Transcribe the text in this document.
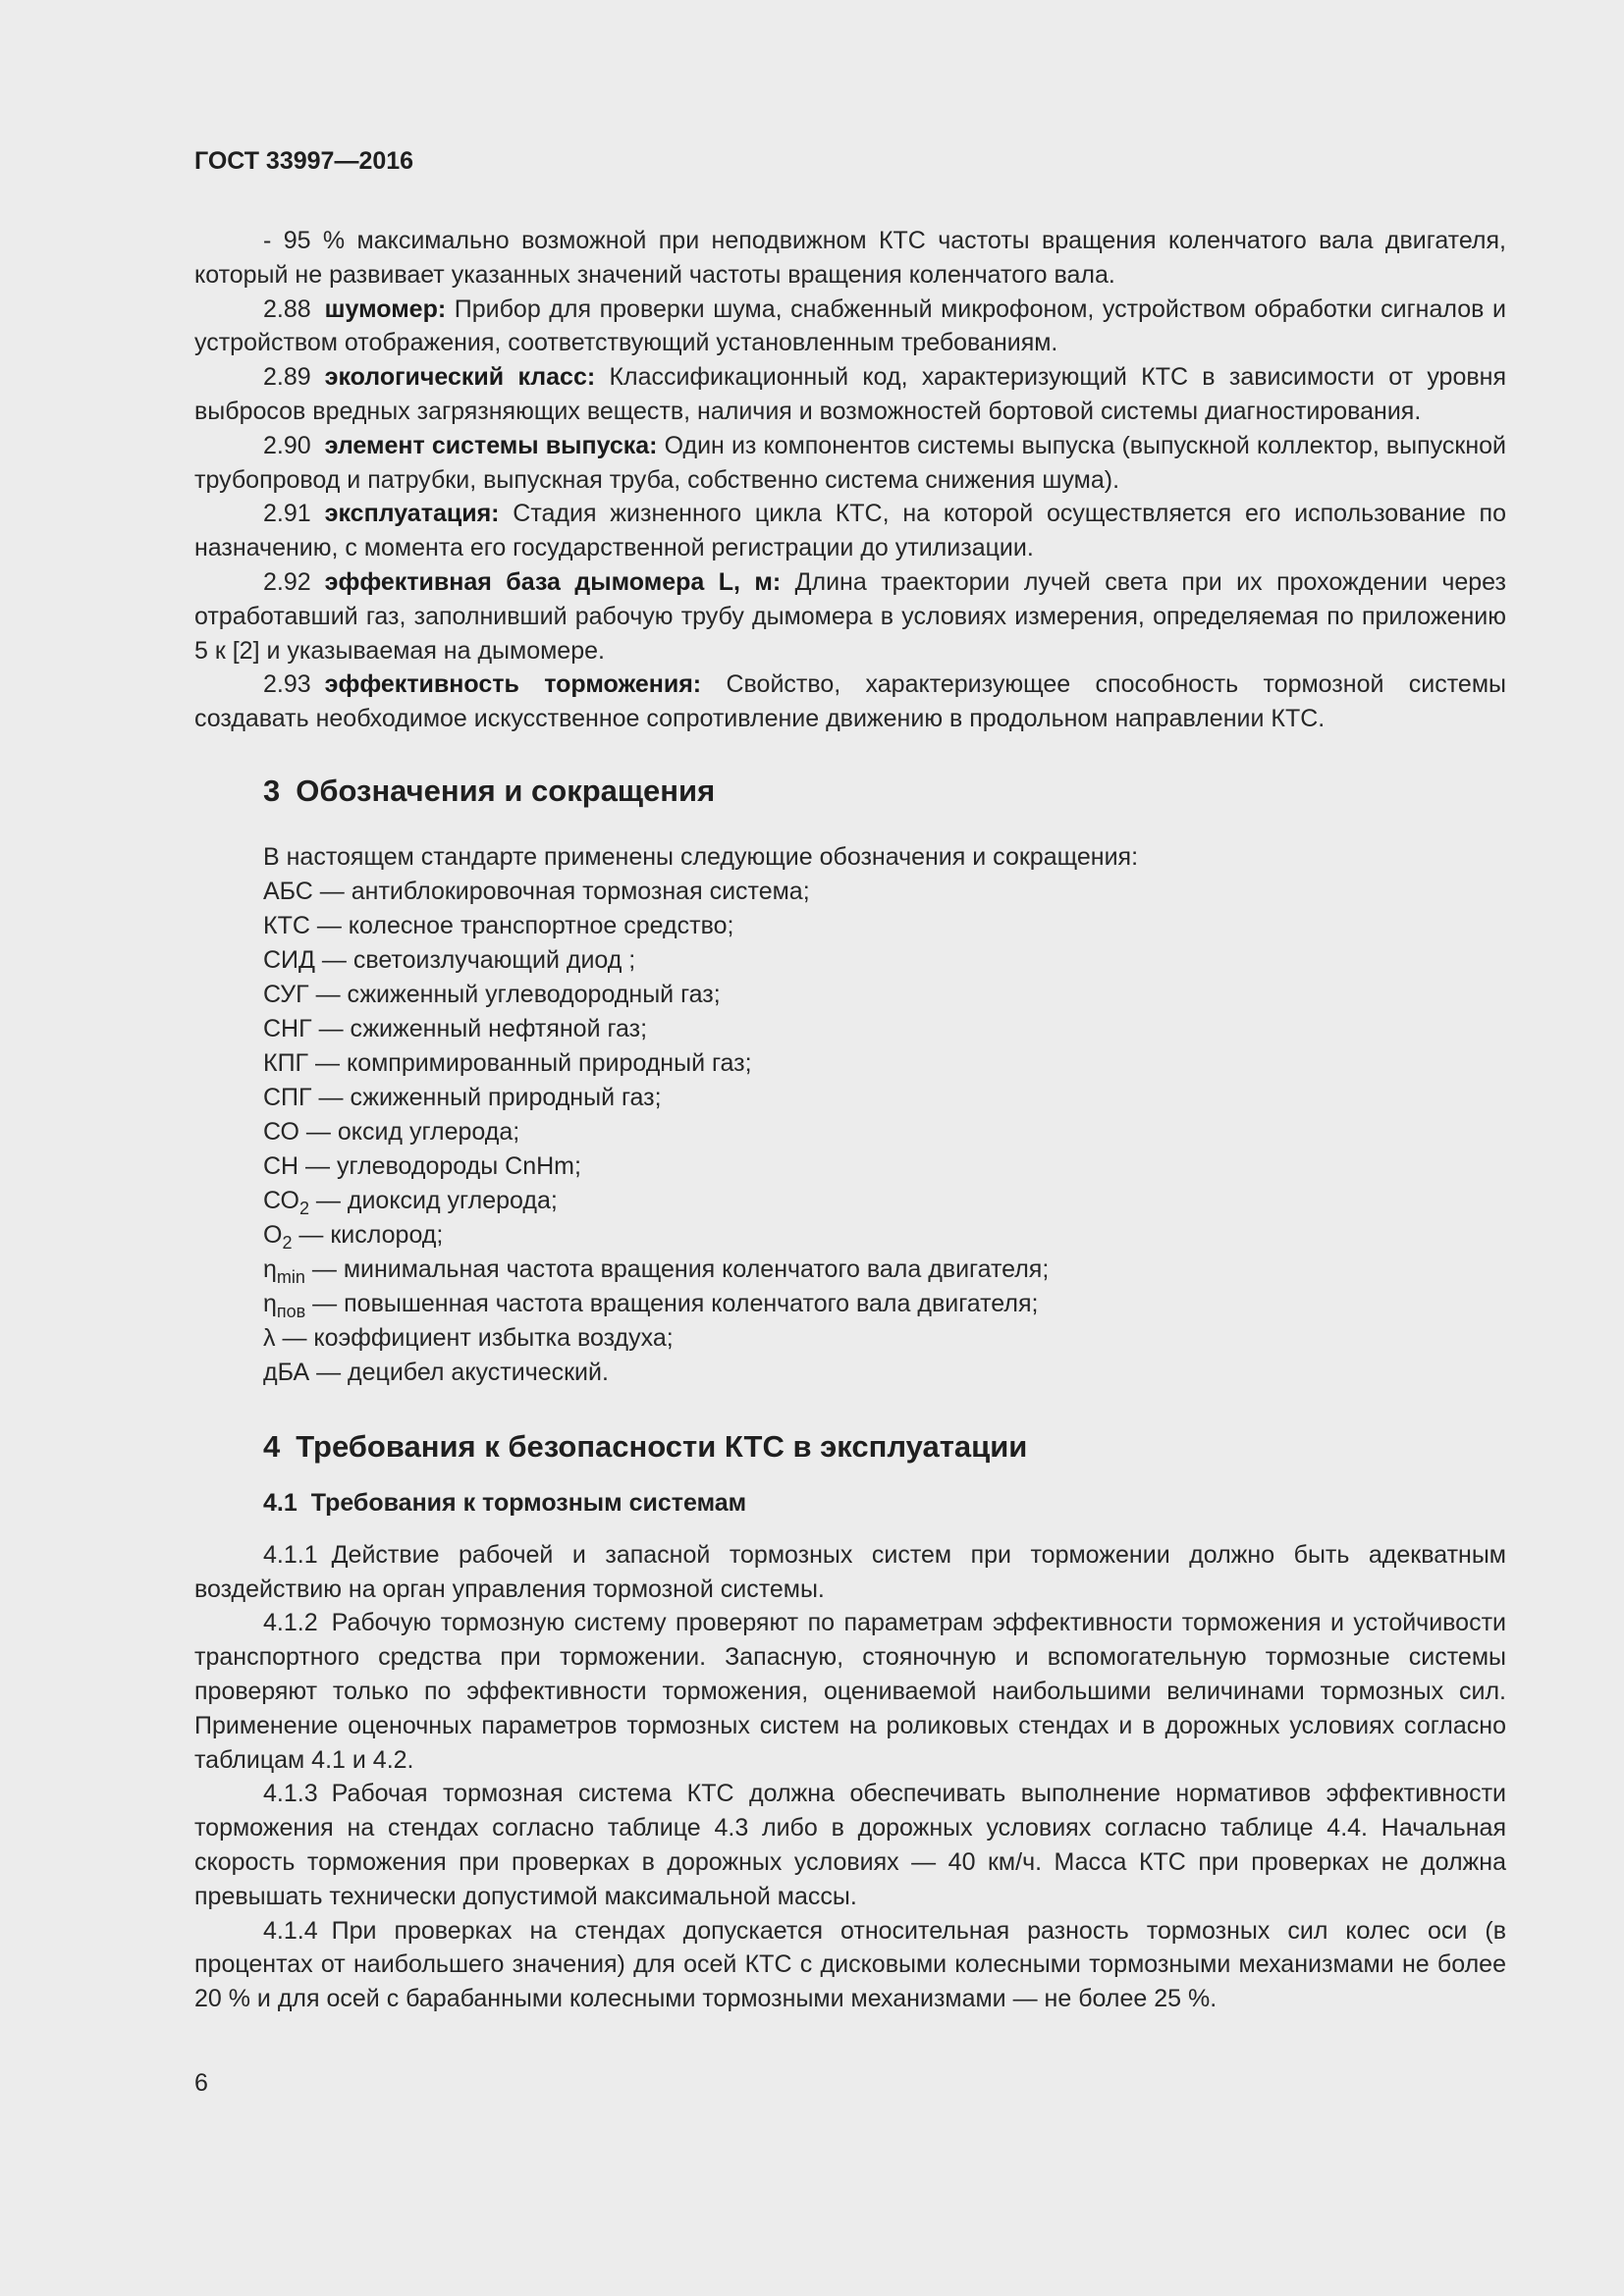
ГОСТ 33997—2016

- 95 % максимально возможной при неподвижном КТС частоты вращения коленчатого вала двигателя, который не развивает указанных значений частоты вращения коленчатого вала.

2.88 шумомер: Прибор для проверки шума, снабженный микрофоном, устройством обработки сигналов и устройством отображения, соответствующий установленным требованиям.

2.89 экологический класс: Классификационный код, характеризующий КТС в зависимости от уровня выбросов вредных загрязняющих веществ, наличия и возможностей бортовой системы диагностирования.

2.90 элемент системы выпуска: Один из компонентов системы выпуска (выпускной коллектор, выпускной трубопровод и патрубки, выпускная труба, собственно система снижения шума).

2.91 эксплуатация: Стадия жизненного цикла КТС, на которой осуществляется его использование по назначению, с момента его государственной регистрации до утилизации.

2.92 эффективная база дымомера L, м: Длина траектории лучей света при их прохождении через отработавший газ, заполнивший рабочую трубу дымомера в условиях измерения, определяемая по приложению 5 к [2] и указываемая на дымомере.

2.93 эффективность торможения: Свойство, характеризующее способность тормозной системы создавать необходимое искусственное сопротивление движению в продольном направлении КТС.

3 Обозначения и сокращения
В настоящем стандарте применены следующие обозначения и сокращения:
АБС — антиблокировочная тормозная система;
КТС — колесное транспортное средство;
СИД — светоизлучающий диод ;
СУГ — сжиженный углеводородный газ;
СНГ — сжиженный нефтяной газ;
КПГ — компримированный природный газ;
СПГ — сжиженный природный газ;
СО — оксид углерода;
СН — углеводороды CnHm;
$СО_2$ — диоксид углерода;
$О_2$ — кислород;
$\eta_{min}$ — минимальная частота вращения коленчатого вала двигателя;
$\eta_{пов}$ — повышенная частота вращения коленчатого вала двигателя;
λ — коэффициент избытка воздуха;
дБА — децибел акустический.
4 Требования к безопасности КТС в эксплуатации
4.1 Требования к тормозным системам

4.1.1 Действие рабочей и запасной тормозных систем при торможении должно быть адекватным воздействию на орган управления тормозной системы.

4.1.2 Рабочую тормозную систему проверяют по параметрам эффективности торможения и устойчивости транспортного средства при торможении. Запасную, стояночную и вспомогательную тормозные системы проверяют только по эффективности торможения, оцениваемой наибольшими величинами тормозных сил. Применение оценочных параметров тормозных систем на роликовых стендах и в дорожных условиях согласно таблицам 4.1 и 4.2.

4.1.3 Рабочая тормозная система КТС должна обеспечивать выполнение нормативов эффективности торможения на стендах согласно таблице 4.3 либо в дорожных условиях согласно таблице 4.4. Начальная скорость торможения при проверках в дорожных условиях — 40 км/ч. Масса КТС при проверках не должна превышать технически допустимой максимальной массы.

4.1.4 При проверках на стендах допускается относительная разность тормозных сил колес оси (в процентах от наибольшего значения) для осей КТС с дисковыми колесными тормозными механизмами не более 20 % и для осей с барабанными колесными тормозными механизмами — не более 25 %.

6
